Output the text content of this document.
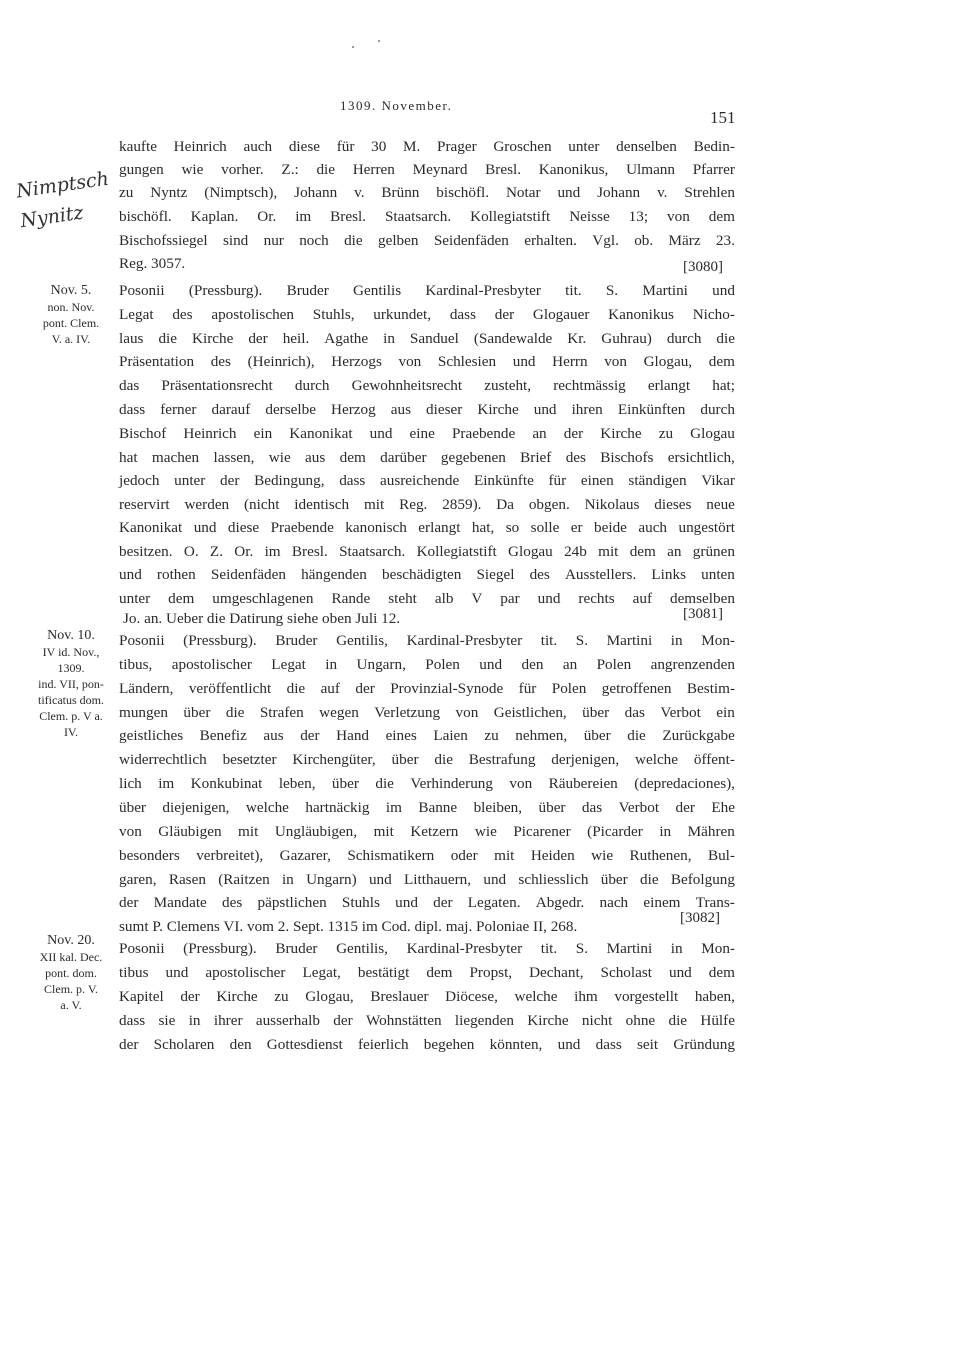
1309. November.
151
Nimptsch
Nynitz
kaufte Heinrich auch diese für 30 M. Prager Groschen unter denselben Bedin-
gungen wie vorher. Z.: die Herren Meynard Bresl. Kanonikus, Ulmann Pfarrer
zu Nyntz (Nimptsch), Johann v. Brünn bischöfl. Notar und Johann v. Strehlen
bischöfl. Kaplan. Or. im Bresl. Staatsarch. Kollegiatstift Neisse 13; von dem
Bischofssiegel sind nur noch die gelben Seidenfäden erhalten. Vgl. ob. März 23.
Reg. 3057.
Posonii (Pressburg). Bruder Gentilis Kardinal-Presbyter tit. S. Martini und
Legat des apostolischen Stuhls, urkundet, dass der Glogauer Kanonikus Nicho-
laus die Kirche der heil. Agathe in Sanduel (Sandewalde Kr. Guhrau) durch die
Präsentation des (Heinrich), Herzogs von Schlesien und Herrn von Glogau, dem
das Präsentationsrecht durch Gewohnheitsrecht zusteht, rechtmässig erlangt hat;
dass ferner darauf derselbe Herzog aus dieser Kirche und ihren Einkünften durch
Bischof Heinrich ein Kanonikat und eine Praebende an der Kirche zu Glogau
hat machen lassen, wie aus dem darüber gegebenen Brief des Bischofs ersichtlich,
jedoch unter der Bedingung, dass ausreichende Einkünfte für einen ständigen Vikar
reservirt werden (nicht identisch mit Reg. 2859). Da obgen. Nikolaus dieses neue
Kanonikat und diese Praebende kanonisch erlangt hat, so solle er beide auch ungestört
besitzen. O. Z. Or. im Bresl. Staatsarch. Kollegiatstift Glogau 24b mit dem an grünen
und rothen Seidenfäden hängenden beschädigten Siegel des Ausstellers. Links unten
unter dem umgeschlagenen Rande steht alb V par und rechts auf demselben
Jo. an. Ueber die Datirung siehe oben Juli 12.
Posonii (Pressburg). Bruder Gentilis, Kardinal-Presbyter tit. S. Martini in Mon-
tibus, apostolischer Legat in Ungarn, Polen und den an Polen angrenzenden
Ländern, veröffentlicht die auf der Provinzial-Synode für Polen getroffenen Bestim-
mungen über die Strafen wegen Verletzung von Geistlichen, über das Verbot ein
geistliches Benefiz aus der Hand eines Laien zu nehmen, über die Zurückgabe
widerrechtlich besetzter Kirchengüter, über die Bestrafung derjenigen, welche öffent-
lich im Konkubinat leben, über die Verhinderung von Räubereien (depredaciones),
über diejenigen, welche hartnäckig im Banne bleiben, über das Verbot der Ehe
von Gläubigen mit Ungläubigen, mit Ketzern wie Picarener (Picarder in Mähren
besonders verbreitet), Gazarer, Schismatikern oder mit Heiden wie Ruthenen, Bul-
garen, Rasen (Raitzen in Ungarn) und Litthauern, und schliesslich über die Befolgung
der Mandate des päpstlichen Stuhls und der Legaten. Abgedr. nach einem Trans-
sumt P. Clemens VI. vom 2. Sept. 1315 im Cod. dipl. maj. Poloniae II, 268.
Posonii (Pressburg). Bruder Gentilis, Kardinal-Presbyter tit. S. Martini in Mon-
tibus und apostolischer Legat, bestätigt dem Propst, Dechant, Scholast und dem
Kapitel der Kirche zu Glogau, Breslauer Diöcese, welche ihm vorgestellt haben,
dass sie in ihrer ausserhalb der Wohnstätten liegenden Kirche nicht ohne die Hülfe
der Scholaren den Gottesdienst feierlich begehen könnten, und dass seit Gründung
[3080]
[3081]
[3082]
Nov. 5.
non. Nov.
pont. Clem.
V. a. IV.
Nov. 10.
IV id. Nov.,
1309.
ind. VII, pon-
tificatus dom.
Clem. p. V a.
IV.
Nov. 20.
XII kal. Dec.
pont. dom.
Clem. p. V.
a. V.
